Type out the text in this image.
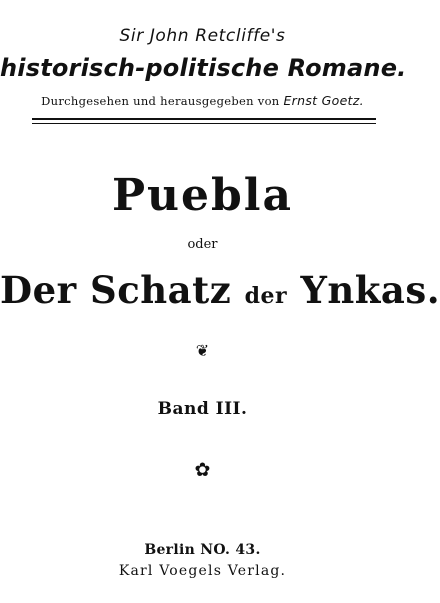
Sir John Retcliffe's
historisch-politische Romane.
Durchgesehen und herausgegeben von Ernst Goetz.
Puebla
oder
Der Schatz der Ynkas.
❦
Band III.
✿
Berlin NO. 43.
Karl Voegels Verlag.
